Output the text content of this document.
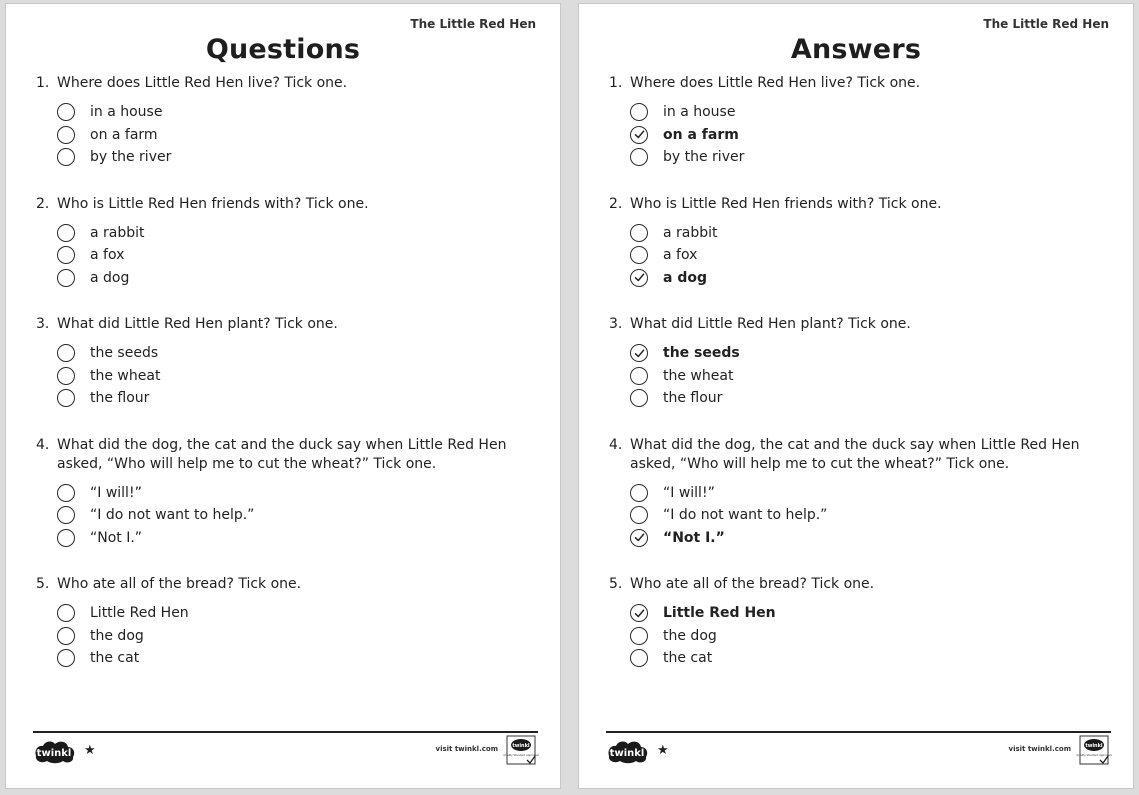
The Little Red Hen
Questions
1. Where does Little Red Hen live? Tick one.
in a house
on a farm
by the river
2. Who is Little Red Hen friends with? Tick one.
a rabbit
a fox
a dog
3. What did Little Red Hen plant? Tick one.
the seeds
the wheat
the flour
4. What did the dog, the cat and the duck say when Little Red Hen asked, “Who will help me to cut the wheat?” Tick one.
“I will!”
“I do not want to help.”
“Not I.”
5. Who ate all of the bread? Tick one.
Little Red Hen
the dog
the cat
twinkl ★	visit twinkl.com	twinkl
Quality Standard Approved
The Little Red Hen
Answers
1. Where does Little Red Hen live? Tick one.
in a house
on a farm
by the river
2. Who is Little Red Hen friends with? Tick one.
a rabbit
a fox
a dog
3. What did Little Red Hen plant? Tick one.
the seeds
the wheat
the flour
4. What did the dog, the cat and the duck say when Little Red Hen asked, “Who will help me to cut the wheat?” Tick one.
“I will!”
“I do not want to help.”
“Not I.”
5. Who ate all of the bread? Tick one.
Little Red Hen
the dog
the cat
twinkl ★	visit twinkl.com	twinkl
Quality Standard Approved
